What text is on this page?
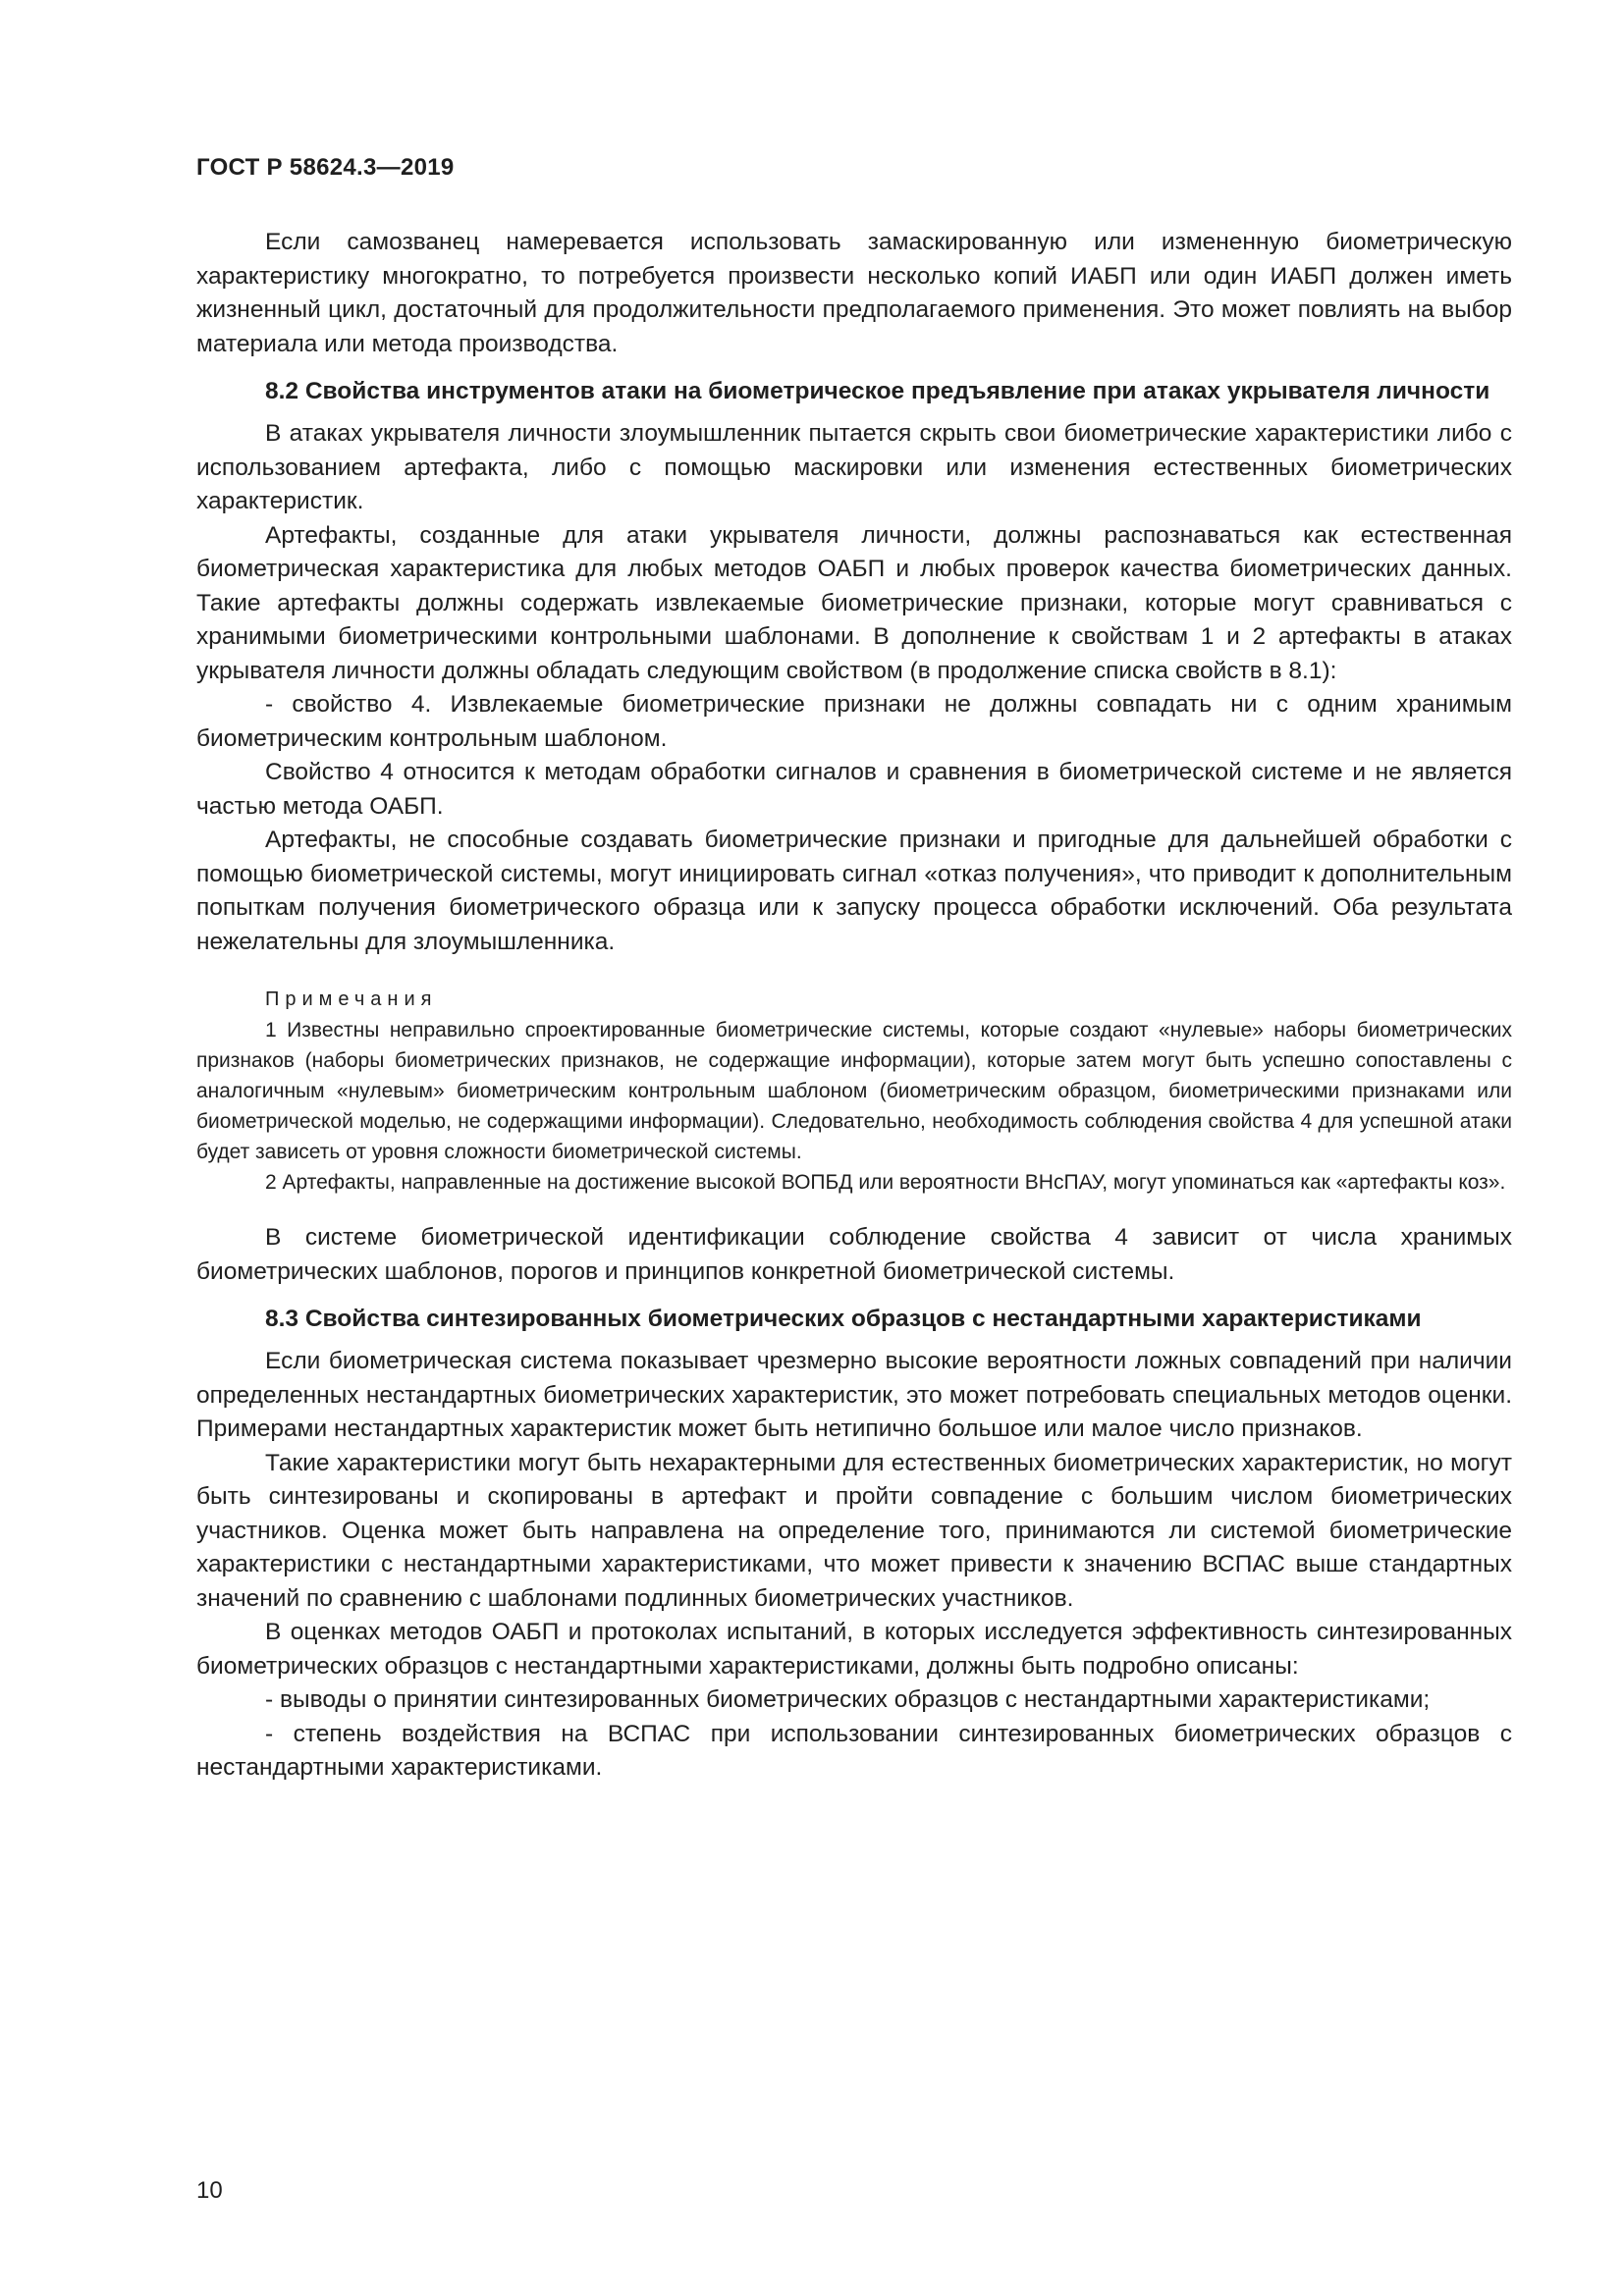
ГОСТ Р 58624.3—2019

Если самозванец намеревается использовать замаскированную или измененную биометрическую характеристику многократно, то потребуется произвести несколько копий ИАБП или один ИАБП должен иметь жизненный цикл, достаточный для продолжительности предполагаемого применения. Это может повлиять на выбор материала или метода производства.

8.2 Свойства инструментов атаки на биометрическое предъявление при атаках укрывателя личности

В атаках укрывателя личности злоумышленник пытается скрыть свои биометрические характеристики либо с использованием артефакта, либо с помощью маскировки или изменения естественных биометрических характеристик.

Артефакты, созданные для атаки укрывателя личности, должны распознаваться как естественная биометрическая характеристика для любых методов ОАБП и любых проверок качества биометрических данных. Такие артефакты должны содержать извлекаемые биометрические признаки, которые могут сравниваться с хранимыми биометрическими контрольными шаблонами. В дополнение к свойствам 1 и 2 артефакты в атаках укрывателя личности должны обладать следующим свойством (в продолжение списка свойств в 8.1):

- свойство 4. Извлекаемые биометрические признаки не должны совпадать ни с одним хранимым биометрическим контрольным шаблоном.

Свойство 4 относится к методам обработки сигналов и сравнения в биометрической системе и не является частью метода ОАБП.

Артефакты, не способные создавать биометрические признаки и пригодные для дальнейшей обработки с помощью биометрической системы, могут инициировать сигнал «отказ получения», что приводит к дополнительным попыткам получения биометрического образца или к запуску процесса обработки исключений. Оба результата нежелательны для злоумышленника.

Примечания

1 Известны неправильно спроектированные биометрические системы, которые создают «нулевые» наборы биометрических признаков (наборы биометрических признаков, не содержащие информации), которые затем могут быть успешно сопоставлены с аналогичным «нулевым» биометрическим контрольным шаблоном (биометрическим образцом, биометрическими признаками или биометрической моделью, не содержащими информации). Следовательно, необходимость соблюдения свойства 4 для успешной атаки будет зависеть от уровня сложности биометрической системы.

2 Артефакты, направленные на достижение высокой ВОПБД или вероятности ВНсПАУ, могут упоминаться как «артефакты коз».

В системе биометрической идентификации соблюдение свойства 4 зависит от числа хранимых биометрических шаблонов, порогов и принципов конкретной биометрической системы.

8.3 Свойства синтезированных биометрических образцов с нестандартными характеристиками

Если биометрическая система показывает чрезмерно высокие вероятности ложных совпадений при наличии определенных нестандартных биометрических характеристик, это может потребовать специальных методов оценки. Примерами нестандартных характеристик может быть нетипично большое или малое число признаков.

Такие характеристики могут быть нехарактерными для естественных биометрических характеристик, но могут быть синтезированы и скопированы в артефакт и пройти совпадение с большим числом биометрических участников. Оценка может быть направлена на определение того, принимаются ли системой биометрические характеристики с нестандартными характеристиками, что может привести к значению ВСПАС выше стандартных значений по сравнению с шаблонами подлинных биометрических участников.

В оценках методов ОАБП и протоколах испытаний, в которых исследуется эффективность синтезированных биометрических образцов с нестандартными характеристиками, должны быть подробно описаны:

- выводы о принятии синтезированных биометрических образцов с нестандартными характеристиками;

- степень воздействия на ВСПАС при использовании синтезированных биометрических образцов с нестандартными характеристиками.

10
